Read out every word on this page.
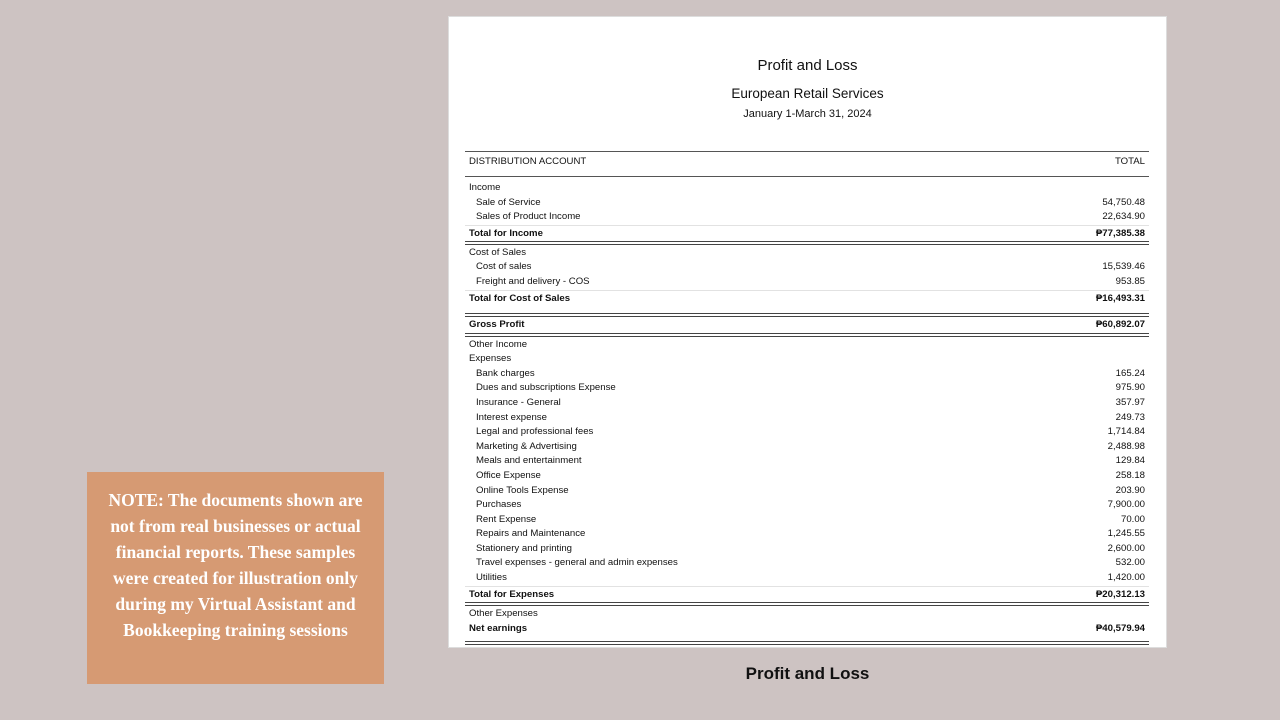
NOTE: The documents shown are not from real businesses or actual financial reports. These samples were created for illustration only during my Virtual Assistant and Bookkeeping training sessions
Profit and Loss
European Retail Services
January 1-March 31, 2024
DISTRIBUTION ACCOUNT	TOTAL
Income
Sale of Service	54,750.48
Sales of Product Income	22,634.90
Total for Income	₱77,385.38
Cost of Sales
Cost of sales	15,539.46
Freight and delivery - COS	953.85
Total for Cost of Sales	₱16,493.31
Gross Profit	₱60,892.07
Other Income
Expenses
Bank charges	165.24
Dues and subscriptions Expense	975.90
Insurance - General	357.97
Interest expense	249.73
Legal and professional fees	1,714.84
Marketing & Advertising	2,488.98
Meals and entertainment	129.84
Office Expense	258.18
Online Tools Expense	203.90
Purchases	7,900.00
Rent Expense	70.00
Repairs and Maintenance	1,245.55
Stationery and printing	2,600.00
Travel expenses - general and admin expenses	532.00
Utilities	1,420.00
Total for Expenses	₱20,312.13
Other Expenses
Net earnings	₱40,579.94
Profit and Loss
